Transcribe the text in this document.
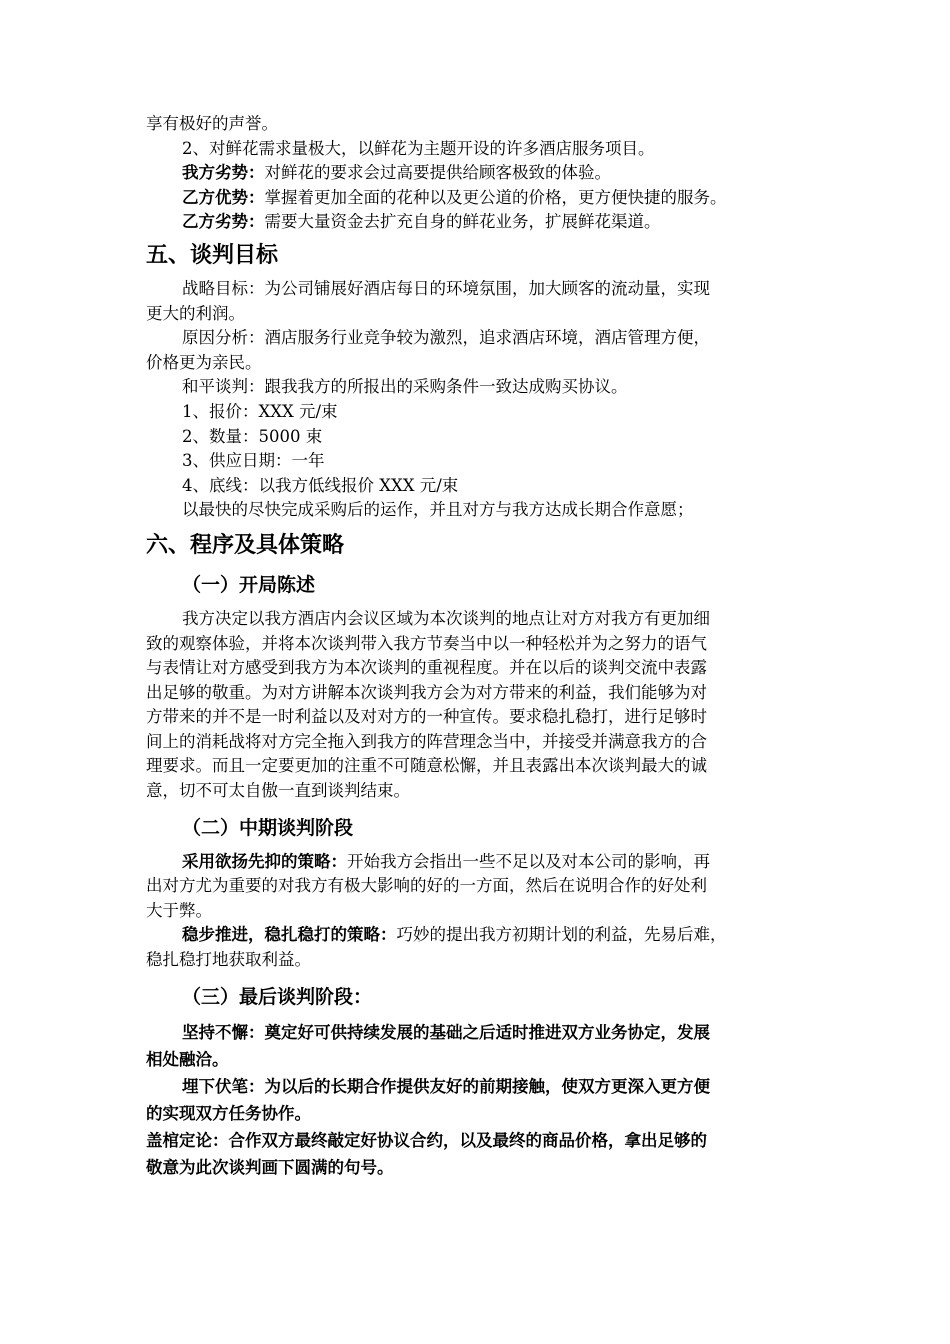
享有极好的声誉。

2、对鲜花需求量极大，以鲜花为主题开设的许多酒店服务项目。

我方劣势：对鲜花的要求会过高要提供给顾客极致的体验。

乙方优势：掌握着更加全面的花种以及更公道的价格，更方便快捷的服务。

乙方劣势：需要大量资金去扩充自身的鲜花业务，扩展鲜花渠道。

五、谈判目标

战略目标：为公司铺展好酒店每日的环境氛围，加大顾客的流动量，实现

更大的利润。

原因分析：酒店服务行业竞争较为激烈，追求酒店环境，酒店管理方便，

价格更为亲民。

和平谈判：跟我我方的所报出的采购条件一致达成购买协议。

1、报价：XXX 元/束

2、数量：5000 束

3、供应日期：一年

4、底线：以我方低线报价 XXX 元/束

以最快的尽快完成采购后的运作，并且对方与我方达成长期合作意愿；

六、程序及具体策略
（一）开局陈述

我方决定以我方酒店内会议区域为本次谈判的地点让对方对我方有更加细

致的观察体验，并将本次谈判带入我方节奏当中以一种轻松并为之努力的语气

与表情让对方感受到我方为本次谈判的重视程度。并在以后的谈判交流中表露

出足够的敬重。为对方讲解本次谈判我方会为对方带来的利益，我们能够为对

方带来的并不是一时利益以及对对方的一种宣传。要求稳扎稳打，进行足够时

间上的消耗战将对方完全拖入到我方的阵营理念当中，并接受并满意我方的合

理要求。而且一定要更加的注重不可随意松懈，并且表露出本次谈判最大的诚

意，切不可太自傲一直到谈判结束。

（二）中期谈判阶段

采用欲扬先抑的策略：开始我方会指出一些不足以及对本公司的影响，再

出对方尤为重要的对我方有极大影响的好的一方面，然后在说明合作的好处利

大于弊。

稳步推进，稳扎稳打的策略：巧妙的提出我方初期计划的利益，先易后难，

稳扎稳打地获取利益。

（三）最后谈判阶段：

坚持不懈：奠定好可供持续发展的基础之后适时推进双方业务协定，发展

相处融洽。

埋下伏笔：为以后的长期合作提供友好的前期接触，使双方更深入更方便

的实现双方任务协作。

盖棺定论：合作双方最终敲定好协议合约，以及最终的商品价格，拿出足够的

敬意为此次谈判画下圆满的句号。
